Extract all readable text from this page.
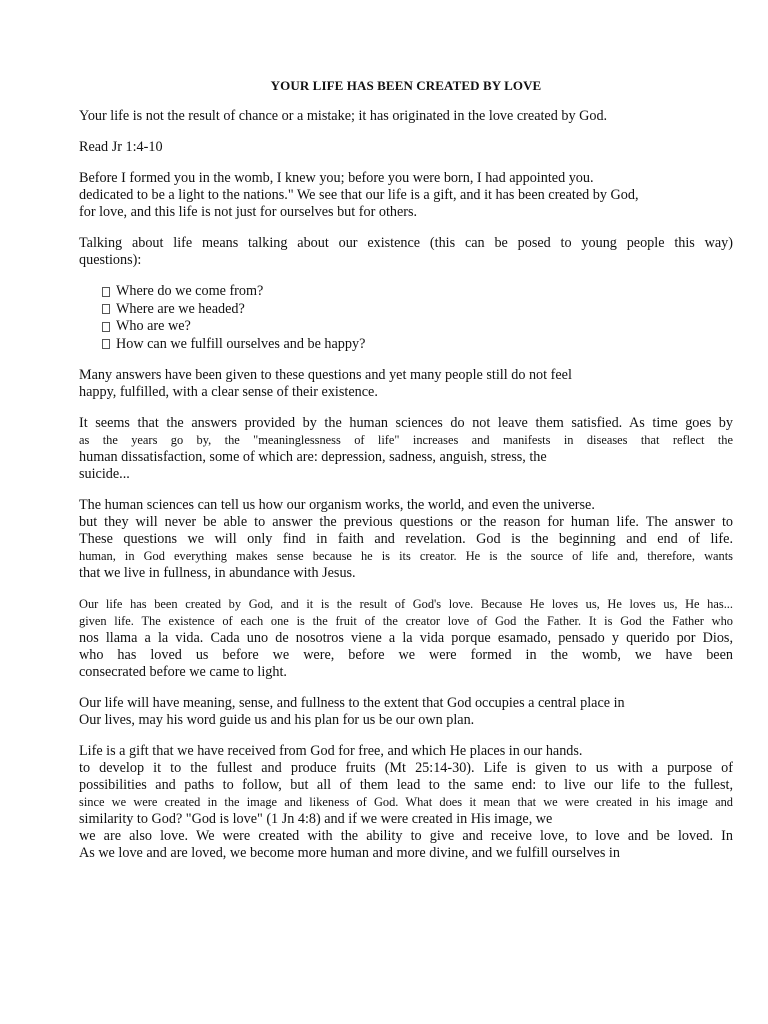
YOUR LIFE HAS BEEN CREATED BY LOVE
Your life is not the result of chance or a mistake; it has originated in the love created by God.
Read Jr 1:4-10
Before I formed you in the womb, I knew you; before you were born, I had appointed you.
dedicated to be a light to the nations." We see that our life is a gift, and it has been created by God,
for love, and this life is not just for ourselves but for others.
Talking about life means talking about our existence (this can be posed to young people this way)
questions):
Where do we come from?
Where are we headed?
Who are we?
How can we fulfill ourselves and be happy?
Many answers have been given to these questions and yet many people still do not feel
happy, fulfilled, with a clear sense of their existence.
It seems that the answers provided by the human sciences do not leave them satisfied. As time goes by
as the years go by, the "meaninglessness of life" increases and manifests in diseases that reflect the
human dissatisfaction, some of which are: depression, sadness, anguish, stress, the
suicide...
The human sciences can tell us how our organism works, the world, and even the universe.
but they will never be able to answer the previous questions or the reason for human life. The answer to
These questions we will only find in faith and revelation. God is the beginning and end of life.
human, in God everything makes sense because he is its creator. He is the source of life and, therefore, wants
that we live in fullness, in abundance with Jesus.
Our life has been created by God, and it is the result of God's love. Because He loves us, He loves us, He has...
given life. The existence of each one is the fruit of the creator love of God the Father. It is God the Father who
nos llama a la vida. Cada uno de nosotros viene a la vida porque esamado, pensado y querido por Dios,
who has loved us before we were, before we were formed in the womb, we have been
consecrated before we came to light.
Our life will have meaning, sense, and fullness to the extent that God occupies a central place in
Our lives, may his word guide us and his plan for us be our own plan.
Life is a gift that we have received from God for free, and which He places in our hands.
to develop it to the fullest and produce fruits (Mt 25:14-30). Life is given to us with a purpose of
possibilities and paths to follow, but all of them lead to the same end: to live our life to the fullest,
since we were created in the image and likeness of God. What does it mean that we were created in his image and
similarity to God? "God is love" (1 Jn 4:8) and if we were created in His image, we
we are also love. We were created with the ability to give and receive love, to love and be loved. In
As we love and are loved, we become more human and more divine, and we fulfill ourselves in
